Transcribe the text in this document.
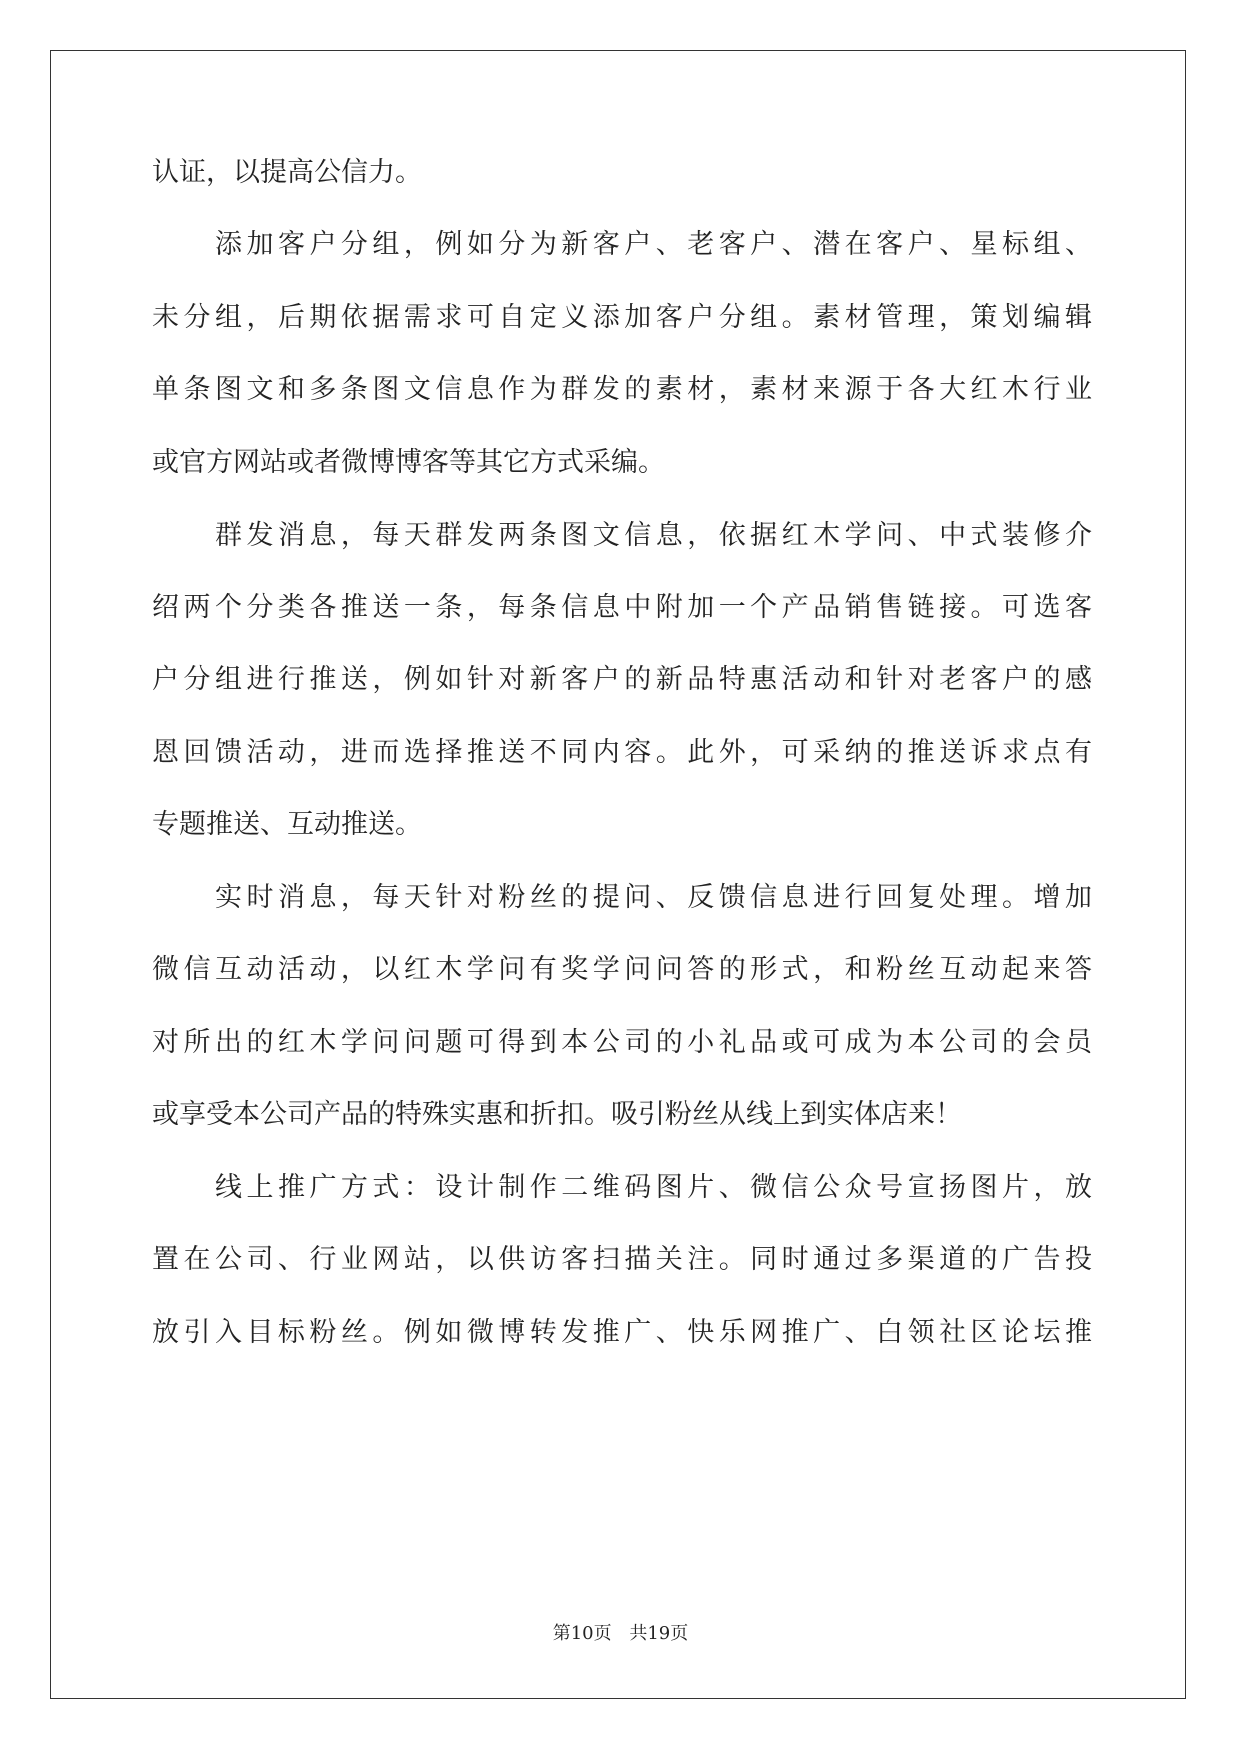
认证，以提高公信力。
添加客户分组，例如分为新客户、老客户、潜在客户、星标组、
未分组，后期依据需求可自定义添加客户分组。素材管理，策划编辑
单条图文和多条图文信息作为群发的素材，素材来源于各大红木行业
或官方网站或者微博博客等其它方式采编。
群发消息，每天群发两条图文信息，依据红木学问、中式装修介
绍两个分类各推送一条，每条信息中附加一个产品销售链接。可选客
户分组进行推送，例如针对新客户的新品特惠活动和针对老客户的感
恩回馈活动，进而选择推送不同内容。此外，可采纳的推送诉求点有
专题推送、互动推送。
实时消息，每天针对粉丝的提问、反馈信息进行回复处理。增加
微信互动活动，以红木学问有奖学问问答的形式，和粉丝互动起来答
对所出的红木学问问题可得到本公司的小礼品或可成为本公司的会员
或享受本公司产品的特殊实惠和折扣。吸引粉丝从线上到实体店来！
线上推广方式：设计制作二维码图片、微信公众号宣扬图片，放
置在公司、行业网站，以供访客扫描关注。同时通过多渠道的广告投
放引入目标粉丝。例如微博转发推广、快乐网推广、白领社区论坛推
第10页 共19页
